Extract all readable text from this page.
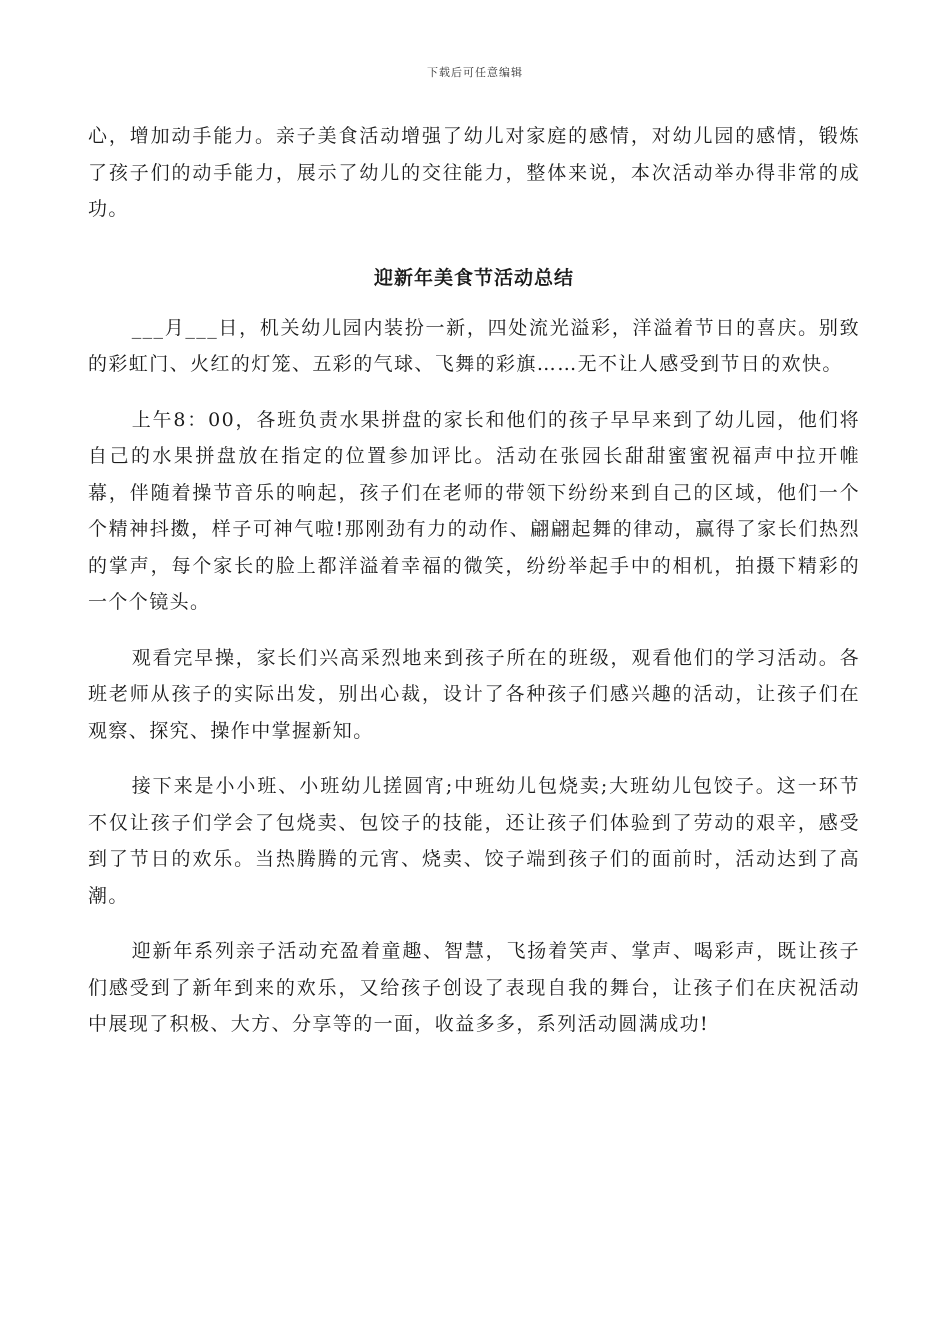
下载后可任意编辑

心，增加动手能力。亲子美食活动增强了幼儿对家庭的感情，对幼儿园的感情，锻炼了孩子们的动手能力，展示了幼儿的交往能力，整体来说，本次活动举办得非常的成功。

迎新年美食节活动总结

___月___日，机关幼儿园内装扮一新，四处流光溢彩，洋溢着节日的喜庆。别致的彩虹门、火红的灯笼、五彩的气球、飞舞的彩旗……无不让人感受到节日的欢快。

上午8：00，各班负责水果拼盘的家长和他们的孩子早早来到了幼儿园，他们将自己的水果拼盘放在指定的位置参加评比。活动在张园长甜甜蜜蜜祝福声中拉开帷幕，伴随着操节音乐的响起，孩子们在老师的带领下纷纷来到自己的区域，他们一个个精神抖擞，样子可神气啦!那刚劲有力的动作、翩翩起舞的律动，赢得了家长们热烈的掌声，每个家长的脸上都洋溢着幸福的微笑，纷纷举起手中的相机，拍摄下精彩的一个个镜头。

观看完早操，家长们兴高采烈地来到孩子所在的班级，观看他们的学习活动。各班老师从孩子的实际出发，别出心裁，设计了各种孩子们感兴趣的活动，让孩子们在观察、探究、操作中掌握新知。

接下来是小小班、小班幼儿搓圆宵;中班幼儿包烧卖;大班幼儿包饺子。这一环节不仅让孩子们学会了包烧卖、包饺子的技能，还让孩子们体验到了劳动的艰辛，感受到了节日的欢乐。当热腾腾的元宵、烧卖、饺子端到孩子们的面前时，活动达到了高潮。

迎新年系列亲子活动充盈着童趣、智慧，飞扬着笑声、掌声、喝彩声，既让孩子们感受到了新年到来的欢乐，又给孩子创设了表现自我的舞台，让孩子们在庆祝活动中展现了积极、大方、分享等的一面，收益多多，系列活动圆满成功!
